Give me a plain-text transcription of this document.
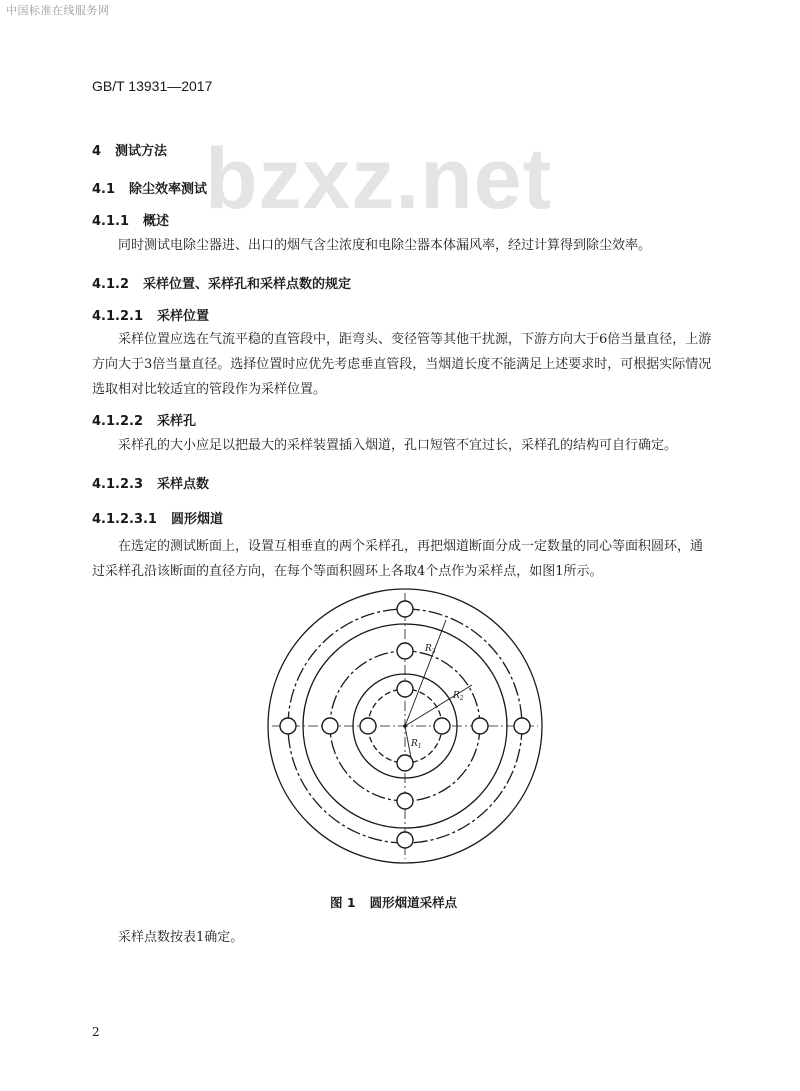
中国标准在线服务网
GB/T 13931—2017
bzxz.net
4 测试方法
4.1 除尘效率测试
4.1.1 概述
同时测试电除尘器进、出口的烟气含尘浓度和电除尘器本体漏风率，经过计算得到除尘效率。
4.1.2 采样位置、采样孔和采样点数的规定
4.1.2.1 采样位置
采样位置应选在气流平稳的直管段中，距弯头、变径管等其他干扰源，下游方向大于6倍当量直径，上游方向大于3倍当量直径。选择位置时应优先考虑垂直管段，当烟道长度不能满足上述要求时，可根据实际情况选取相对比较适宜的管段作为采样位置。
4.1.2.2 采样孔
采样孔的大小应足以把最大的采样装置插入烟道，孔口短管不宜过长，采样孔的结构可自行确定。
4.1.2.3 采样点数
4.1.2.3.1 圆形烟道
在选定的测试断面上，设置互相垂直的两个采样孔，再把烟道断面分成一定数量的同心等面积圆环，通过采样孔沿该断面的直径方向，在每个等面积圆环上各取4个点作为采样点，如图1所示。
$R_1$
$R_2$
$R_3$
图 1 圆形烟道采样点
采样点数按表1确定。
2
